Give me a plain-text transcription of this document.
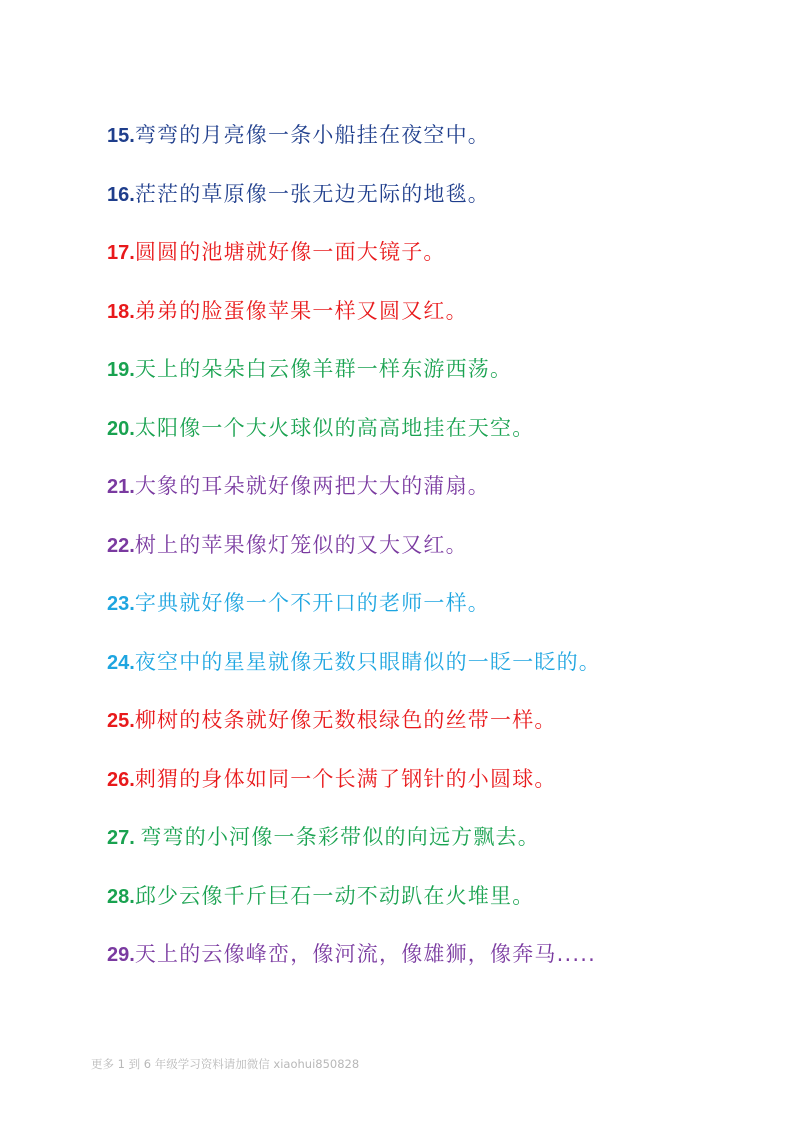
15.弯弯的月亮像一条小船挂在夜空中。
16.茫茫的草原像一张无边无际的地毯。
17.圆圆的池塘就好像一面大镜子。
18.弟弟的脸蛋像苹果一样又圆又红。
19.天上的朵朵白云像羊群一样东游西荡。
20.太阳像一个大火球似的高高地挂在天空。
21.大象的耳朵就好像两把大大的蒲扇。
22.树上的苹果像灯笼似的又大又红。
23.字典就好像一个不开口的老师一样。
24.夜空中的星星就像无数只眼睛似的一眨一眨的。
25.柳树的枝条就好像无数根绿色的丝带一样。
26.刺猬的身体如同一个长满了钢针的小圆球。
27. 弯弯的小河像一条彩带似的向远方飘去。
28.邱少云像千斤巨石一动不动趴在火堆里。
29.天上的云像峰峦，像河流，像雄狮，像奔马.....
更多 1 到 6 年级学习资料请加微信 xiaohui850828
